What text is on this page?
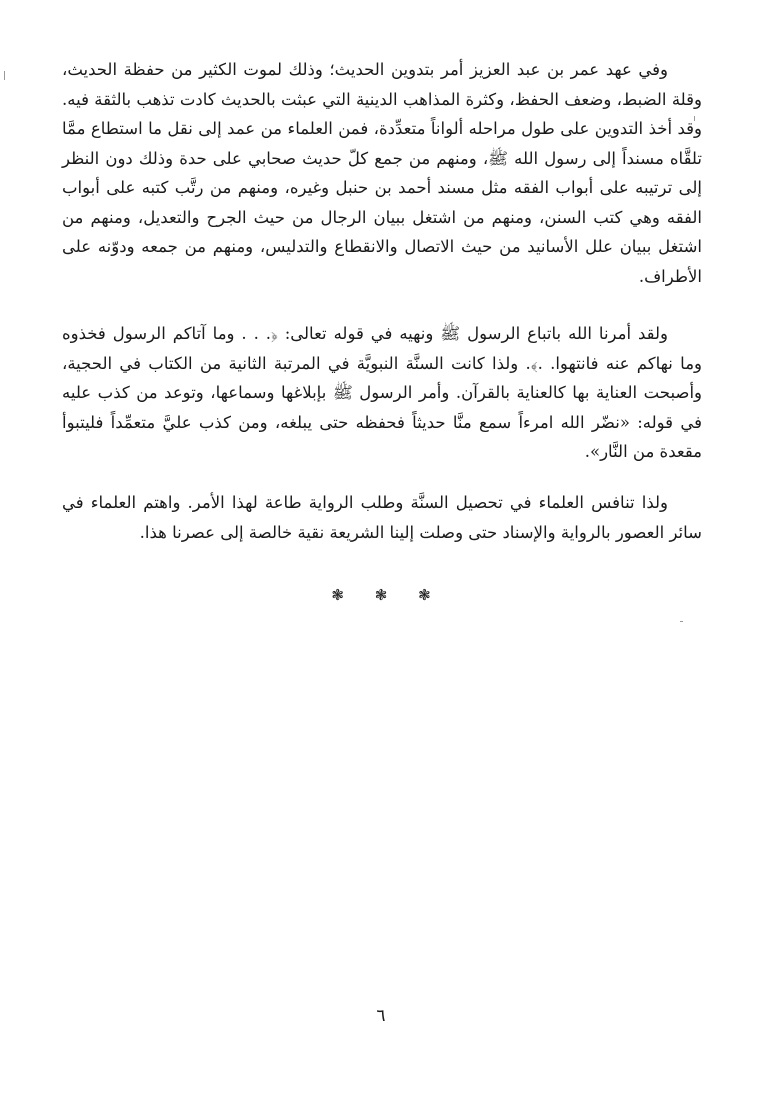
وفي عهد عمر بن عبد العزيز أمر بتدوين الحديث؛ وذلك لموت الكثير من حفظة الحديث، وقلة الضبط، وضعف الحفظ، وكثرة المذاهب الدينية التي عبثت بالحديث كادت تذهب بالثقة فيه. وقد أخذ التدوين على طول مراحله ألواناً متعدِّدة، فمن العلماء من عمد إلى نقل ما استطاع ممَّا تلقَّاه مسنداً إلى رسول الله ﷺ، ومنهم من جمع كلّ حديث صحابي على حدة وذلك دون النظر إلى ترتيبه على أبواب الفقه مثل مسند أحمد بن حنبل وغيره، ومنهم من رتَّب كتبه على أبواب الفقه وهي كتب السنن، ومنهم من اشتغل ببيان الرجال من حيث الجرح والتعديل، ومنهم من اشتغل ببيان علل الأسانيد من حيث الاتصال والانقطاع والتدليس، ومنهم من جمعه ودوّنه على الأطراف.

ولقد أمرنا الله باتباع الرسول ﷺ ونهيه في قوله تعالى: ﴿. . . وما آتاكم الرسول فخذوه وما نهاكم عنه فانتهوا. .﴾. ولذا كانت السنَّة النبويَّة في المرتبة الثانية من الكتاب في الحجية، وأصبحت العناية بها كالعناية بالقرآن. وأمر الرسول ﷺ بإبلاغها وسماعها، وتوعد من كذب عليه في قوله: «نضّر الله امرءاً سمع منَّا حديثاً فحفظه حتى يبلغه، ومن كذب عليَّ متعمِّداً فليتبوأ مقعدة من النَّار».

ولذا تنافس العلماء في تحصيل السنَّة وطلب الرواية طاعة لهذا الأمر. واهتم العلماء في سائر العصور بالرواية والإسناد حتى وصلت إلينا الشريعة نقية خالصة إلى عصرنا هذا.

❃ ❃ ❃
٦
